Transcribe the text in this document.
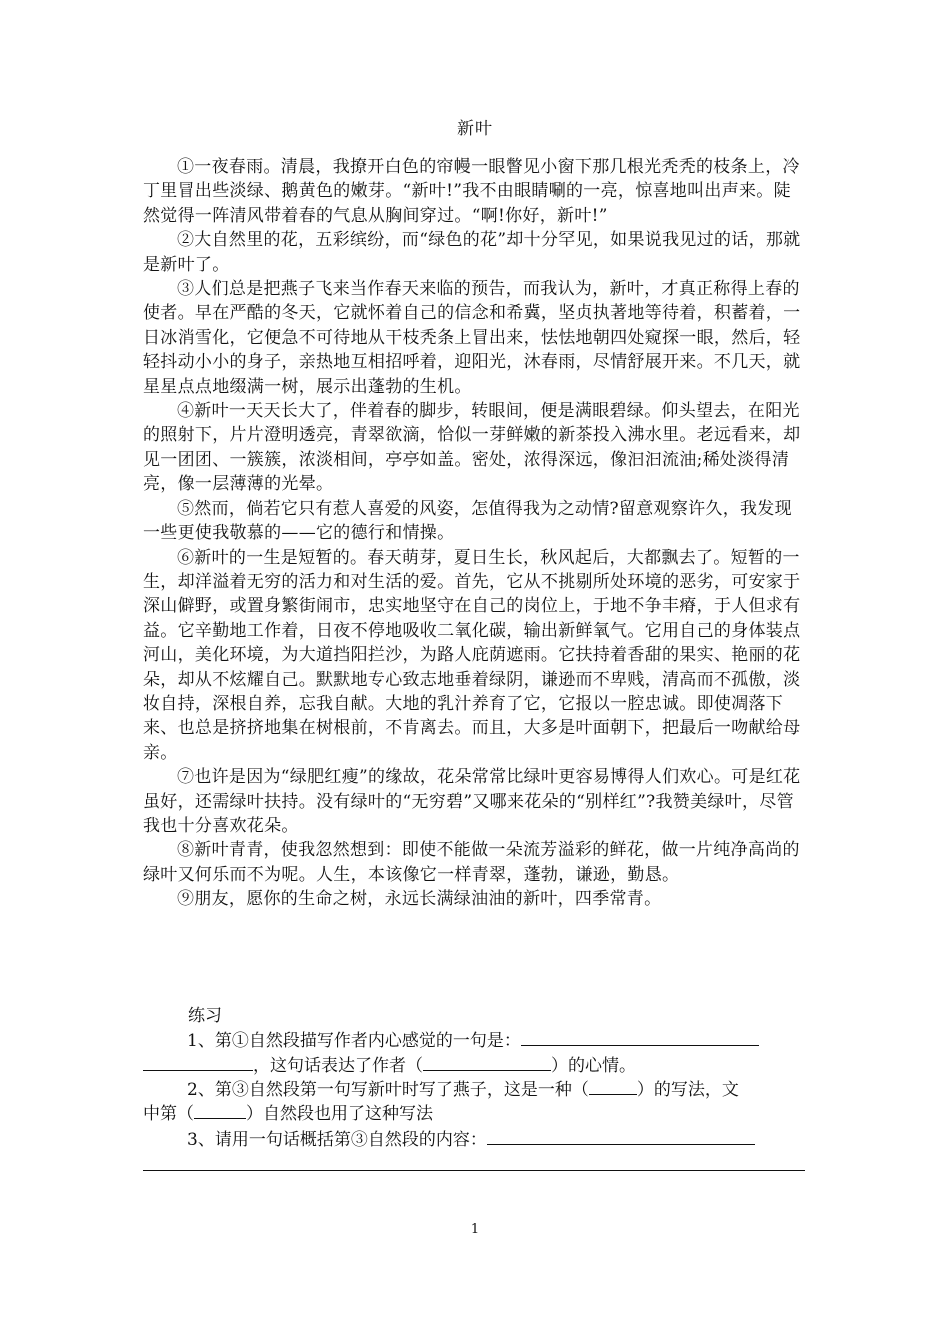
新叶

①一夜春雨。清晨，我撩开白色的帘幔一眼瞥见小窗下那几根光秃秃的枝条上，冷丁里冒出些淡绿、鹅黄色的嫩芽。“新叶!”我不由眼睛唰的一亮，惊喜地叫出声来。陡然觉得一阵清风带着春的气息从胸间穿过。“啊!你好，新叶!”

②大自然里的花，五彩缤纷，而“绿色的花”却十分罕见，如果说我见过的话，那就是新叶了。

③人们总是把燕子飞来当作春天来临的预告，而我认为，新叶，才真正称得上春的使者。早在严酷的冬天，它就怀着自己的信念和希冀，坚贞执著地等待着，积蓄着，一日冰消雪化，它便急不可待地从干枝秃条上冒出来，怯怯地朝四处窥探一眼，然后，轻轻抖动小小的身子，亲热地互相招呼着，迎阳光，沐春雨，尽情舒展开来。不几天，就星星点点地缀满一树，展示出蓬勃的生机。

④新叶一天天长大了，伴着春的脚步，转眼间，便是满眼碧绿。仰头望去，在阳光的照射下，片片澄明透亮，青翠欲滴，恰似一芽鲜嫩的新茶投入沸水里。老远看来，却见一团团、一簇簇，浓淡相间，亭亭如盖。密处，浓得深远，像汩汩流油;稀处淡得清亮，像一层薄薄的光晕。

⑤然而，倘若它只有惹人喜爱的风姿，怎值得我为之动情?留意观察许久，我发现一些更使我敬慕的——它的德行和情操。

⑥新叶的一生是短暂的。春天萌芽，夏日生长，秋风起后，大都飘去了。短暂的一生，却洋溢着无穷的活力和对生活的爱。首先，它从不挑剔所处环境的恶劣，可安家于深山僻野，或置身繁街闹市，忠实地坚守在自己的岗位上，于地不争丰瘠，于人但求有益。它辛勤地工作着，日夜不停地吸收二氧化碳，输出新鲜氧气。它用自己的身体装点河山，美化环境，为大道挡阳拦沙，为路人庇荫遮雨。它扶持着香甜的果实、艳丽的花朵，却从不炫耀自己。默默地专心致志地垂着绿阴，谦逊而不卑贱，清高而不孤傲，淡妆自持，深根自养，忘我自献。大地的乳汁养育了它，它报以一腔忠诚。即使凋落下来、也总是挤挤地集在树根前，不肯离去。而且，大多是叶面朝下，把最后一吻献给母亲。

⑦也许是因为“绿肥红瘦”的缘故，花朵常常比绿叶更容易博得人们欢心。可是红花虽好，还需绿叶扶持。没有绿叶的“无穷碧”又哪来花朵的“别样红”?我赞美绿叶，尽管我也十分喜欢花朵。

⑧新叶青青，使我忽然想到：即使不能做一朵流芳溢彩的鲜花，做一片纯净高尚的绿叶又何乐而不为呢。人生，本该像它一样青翠，蓬勃，谦逊，勤恳。

⑨朋友，愿你的生命之树，永远长满绿油油的新叶，四季常青。

练习
1、第①自然段描写作者内心感觉的一句是：
，这句话表达了作者（	）的心情。
2、第③自然段第一句写新叶时写了燕子，这是一种（	）的写法，文
中第（	）自然段也用了这种写法
3、请用一句话概括第③自然段的内容：
1
